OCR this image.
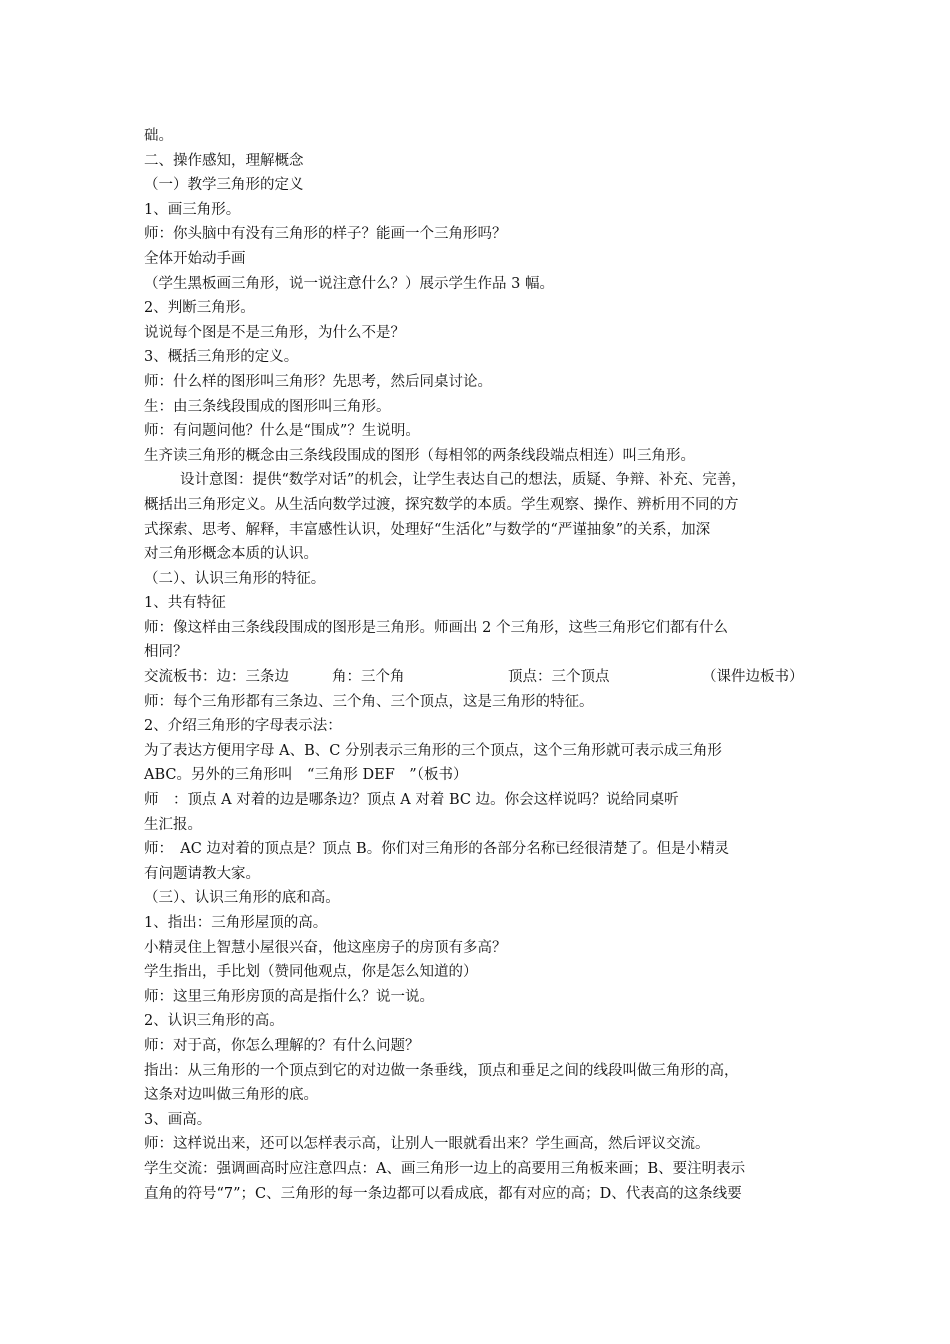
础。
二、操作感知，理解概念
（一）教学三角形的定义
1、画三角形。
师：你头脑中有没有三角形的样子？能画一个三角形吗？
全体开始动手画
（学生黑板画三角形，说一说注意什么？）展示学生作品 3 幅。
2、判断三角形。
说说每个图是不是三角形，为什么不是？
3、概括三角形的定义。
师：什么样的图形叫三角形？先思考，然后同桌讨论。
生：由三条线段围成的图形叫三角形。
师：有问题问他？什么是“围成”？生说明。
生齐读三角形的概念由三条线段围成的图形（每相邻的两条线段端点相连）叫三角形。
设计意图：提供“数学对话”的机会，让学生表达自己的想法，质疑、争辩、补充、完善，
概括出三角形定义。从生活向数学过渡，探究数学的本质。学生观察、操作、辨析用不同的方
式探索、思考、解释，丰富感性认识，处理好“生活化”与数学的“严谨抽象”的关系，加深
对三角形概念本质的认识。
（二）、认识三角形的特征。
1、共有特征
师：像这样由三条线段围成的图形是三角形。师画出 2 个三角形，这些三角形它们都有什么
相同？
交流板书：边：三条边	角：三个角	顶点：三个顶点	（课件边板书）
师：每个三角形都有三条边、三个角、三个顶点，这是三角形的特征。
2、介绍三角形的字母表示法：
为了表达方便用字母 A、B、C 分别表示三角形的三个顶点，这个三角形就可表示成三角形
ABC。另外的三角形叫　“三角形 DEF　”（板书）
师　：顶点 A 对着的边是哪条边？顶点 A 对着 BC 边。你会这样说吗？说给同桌听
生汇报。
师：　AC 边对着的顶点是？顶点 B。你们对三角形的各部分名称已经很清楚了。但是小精灵
有问题请教大家。
（三）、认识三角形的底和高。
1、指出：三角形屋顶的高。
小精灵住上智慧小屋很兴奋，他这座房子的房顶有多高？
学生指出，手比划（赞同他观点，你是怎么知道的）
师：这里三角形房顶的高是指什么？说一说。
2、认识三角形的高。
师：对于高，你怎么理解的？有什么问题？
指出：从三角形的一个顶点到它的对边做一条垂线，顶点和垂足之间的线段叫做三角形的高，
这条对边叫做三角形的底。
3、画高。
师：这样说出来，还可以怎样表示高，让别人一眼就看出来？学生画高，然后评议交流。
学生交流：强调画高时应注意四点：A、画三角形一边上的高要用三角板来画；B、要注明表示
直角的符号“7”；C、三角形的每一条边都可以看成底，都有对应的高；D、代表高的这条线要
